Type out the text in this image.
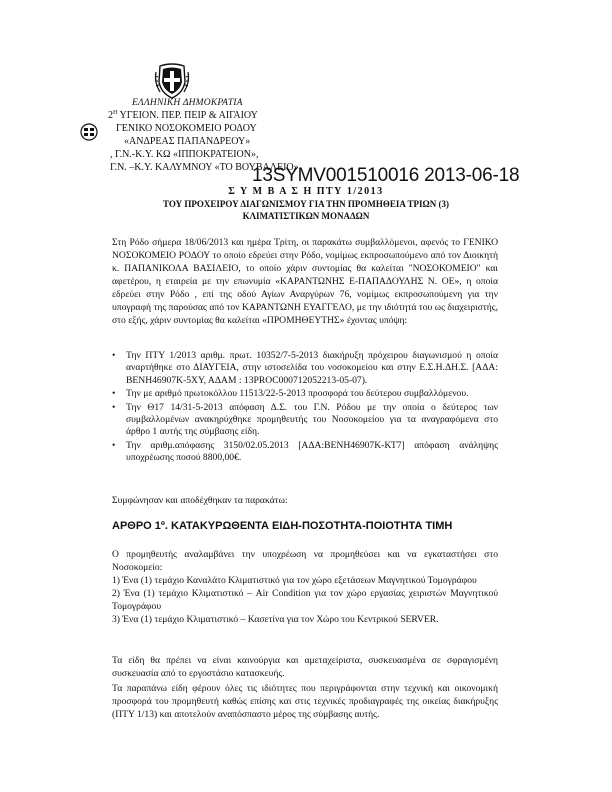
ΕΛΛΗΝΙΚΗ ΔΗΜΟΚΡΑΤΙΑ
$2^H$ ΥΓΕΙΟΝ. ΠΕΡ. ΠΕΙΡ & ΑΙΓΑΙΟΥ
ΓΕΝΙΚΟ ΝΟΣΟΚΟΜΕΙΟ ΡΟΔΟΥ
«ΑΝΔΡΕΑΣ ΠΑΠΑΝΔΡΕΟΥ»
, Γ.Ν.-Κ.Υ. ΚΩ «ΙΠΠΟΚΡΑΤΕΙΟΝ»,
Γ.Ν. –Κ.Υ. ΚΑΛΥΜΝΟΥ «ΤΟ ΒΟΥΒΑΛΕΙΟ»
13SYMV001510016 2013-06-18
Σ Υ Μ Β Α Σ Η ΠΤΥ 1/2013
ΤΟΥ ΠΡΟΧΕΙΡΟΥ ΔΙΑΓΩΝΙΣΜΟΥ ΓΙΑ ΤΗΝ ΠΡΟΜΗΘΕΙΑ ΤΡΙΩΝ (3)
ΚΛΙΜΑΤΙΣΤΙΚΩΝ ΜΟΝΑΔΩΝ
Στη Ρόδο σήμερα 18/06/2013 και ημέρα Τρίτη, οι παρακάτω συμβαλλόμενοι, αφενός το ΓΕΝΙΚΟ ΝΟΣΟΚΟΜΕΙΟ ΡΟΔΟΥ το οποίο εδρεύει στην Ρόδο, νομίμως εκπροσωπούμενο από τον Διοικητή κ. ΠΑΠΑΝΙΚΟΛΑ ΒΑΣΙΛΕΙΟ, το οποίο χάριν συντομίας θα καλείται "ΝΟΣΟΚΟΜΕΙΟ" και αφετέρου, η εταιρεία με την επωνυμία «ΚΑΡΑΝΤΩΝΗΣ Ε-ΠΑΠΑΔΟΥΛΗΣ Ν. ΟΕ», η οποία εδρεύει στην Ρόδο , επί της οδού Αγίων Αναργύρων 76, νομίμως εκπροσωπούμενη για την υπογραφή της παρούσας από τον ΚΑΡΑΝΤΩΝΗ ΕΥΑΓΓΕΛΟ, με την ιδιότητά του ως διαχειριστής, στο εξής, χάριν συντομίας θα καλείται «ΠΡΟΜΗΘΕΥΤΗΣ» έχοντας υπόψη:
• Την ΠΤΥ 1/2013 αριθμ. πρωτ. 10352/7-5-2013 διακήρυξη πρόχειρου διαγωνισμού η οποία αναρτήθηκε στο ΔΙΑΥΓΕΙΑ, στην ιστοσελίδα του νοσοκομείου και στην Ε.Σ.Η.ΔΗ.Σ. [ΑΔΑ: ΒΕΝΗ46907Κ-5ΧΥ, ΑΔΑΜ : 13PROC000712052213-05-07).
• Την με αριθμό πρωτοκόλλου 11513/22-5-2013 προσφορά του δεύτερου συμβαλλόμενου.
• Την Θ17 14/31-5-2013 απόφαση Δ.Σ. του Γ.Ν. Ρόδου με την οποία ο δεύτερος των συμβαλλομένων ανακηρύχθηκε προμηθευτής του Νοσοκομείου για τα αναγραφόμενα στο άρθρο 1 αυτής της σύμβασης είδη.
• Την αριθμ.απόφασης 3150/02.05.2013 [ΑΔΑ:ΒΕΝΗ46907Κ-ΚΤ7] απόφαση ανάληψης υποχρέωσης ποσού 8800,00€.
Συμφώνησαν και αποδέχθηκαν τα παρακάτω:
ΑΡΘΡΟ 1º. ΚΑΤΑΚΥΡΩΘΕΝΤΑ ΕΙΔΗ-ΠΟΣΟΤΗΤΑ-ΠΟΙΟΤΗΤΑ ΤΙΜΗ
Ο προμηθευτής αναλαμβάνει την υποχρέωση να προμηθεύσει και να εγκαταστήσει στο Νοσοκομείο:
1) Ένα (1) τεμάχιο Καναλάτο Κλιματιστικό για τον χώρο εξετάσεων Μαγνητικού Τομογράφου
2) Ένα (1) τεμάχιο Κλιματιστικό – Air Condition για τον χώρο εργασίας χειριστών Μαγνητικού Τομογράφου
3) Ένα (1) τεμάχιο Κλιματιστικό – Κασετίνα για τον Χώρο του Κεντρικού SERVER.
Τα είδη θα πρέπει να είναι καινούργια και αμεταχείριστα, συσκευασμένα σε σφραγισμένη συσκευασία από το εργοστάσιο κατασκευής.
Τα παραπάνω είδη φέρουν όλες τις ιδιότητες που περιγράφονται στην τεχνική και οικονομική προσφορά του προμηθευτή καθώς επίσης και στις τεχνικές προδιαγραφές της οικείας διακήρυξης (ΠΤΥ 1/13) και αποτελούν αναπόσπαστο μέρος της σύμβασης αυτής.
